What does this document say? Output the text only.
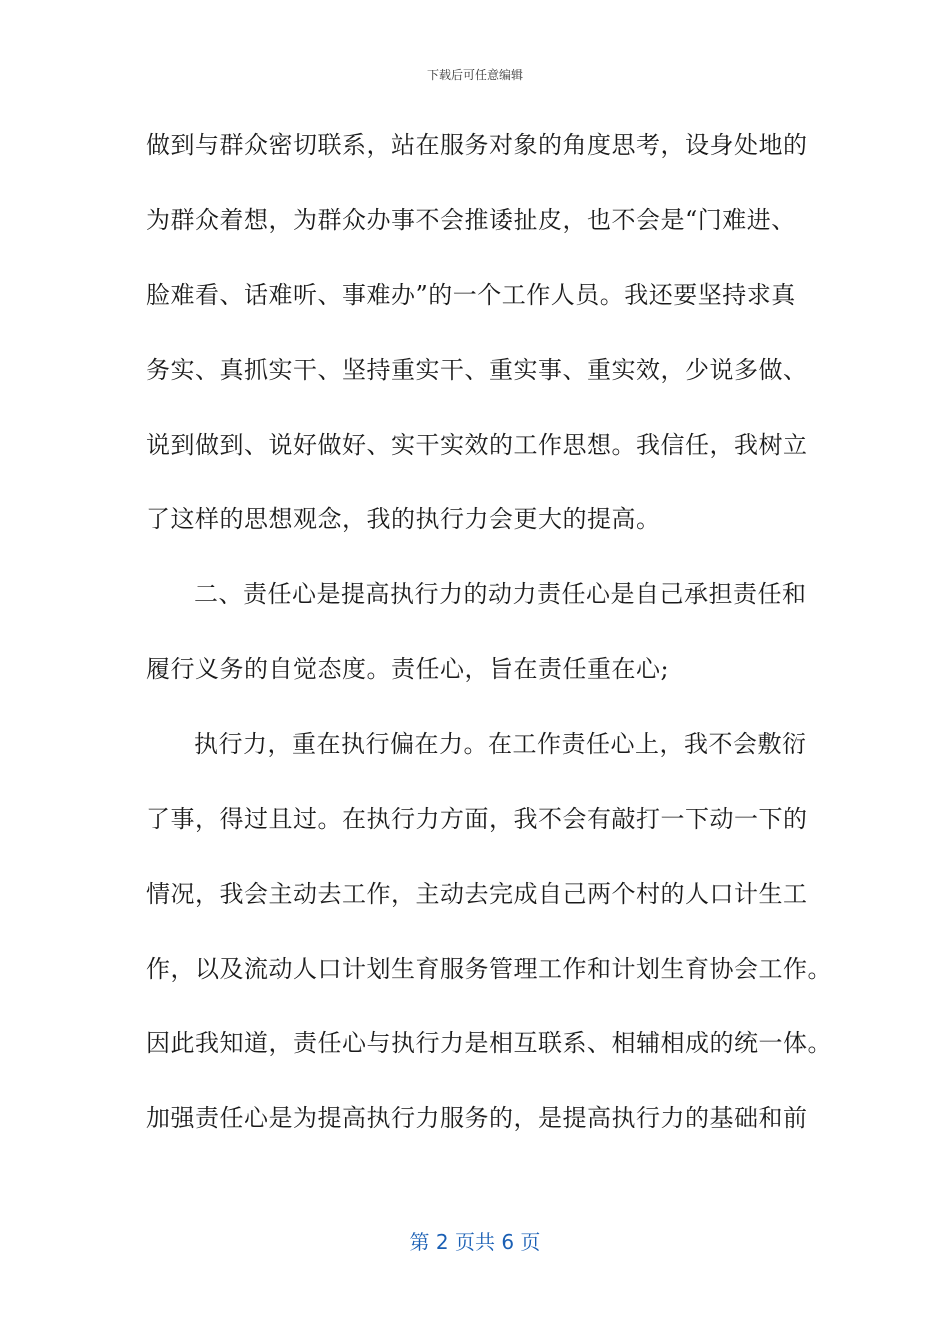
下载后可任意编辑
做到与群众密切联系，站在服务对象的角度思考，设身处地的
为群众着想，为群众办事不会推诿扯皮，也不会是“门难进、
脸难看、话难听、事难办”的一个工作人员。我还要坚持求真
务实、真抓实干、坚持重实干、重实事、重实效，少说多做、
说到做到、说好做好、实干实效的工作思想。我信任，我树立
了这样的思想观念，我的执行力会更大的提高。
二、责任心是提高执行力的动力责任心是自己承担责任和
履行义务的自觉态度。责任心，旨在责任重在心;
执行力，重在执行偏在力。在工作责任心上，我不会敷衍
了事，得过且过。在执行力方面，我不会有敲打一下动一下的
情况，我会主动去工作，主动去完成自己两个村的人口计生工
作，以及流动人口计划生育服务管理工作和计划生育协会工作。
因此我知道，责任心与执行力是相互联系、相辅相成的统一体。
加强责任心是为提高执行力服务的，是提高执行力的基础和前
第 2 页共 6 页
